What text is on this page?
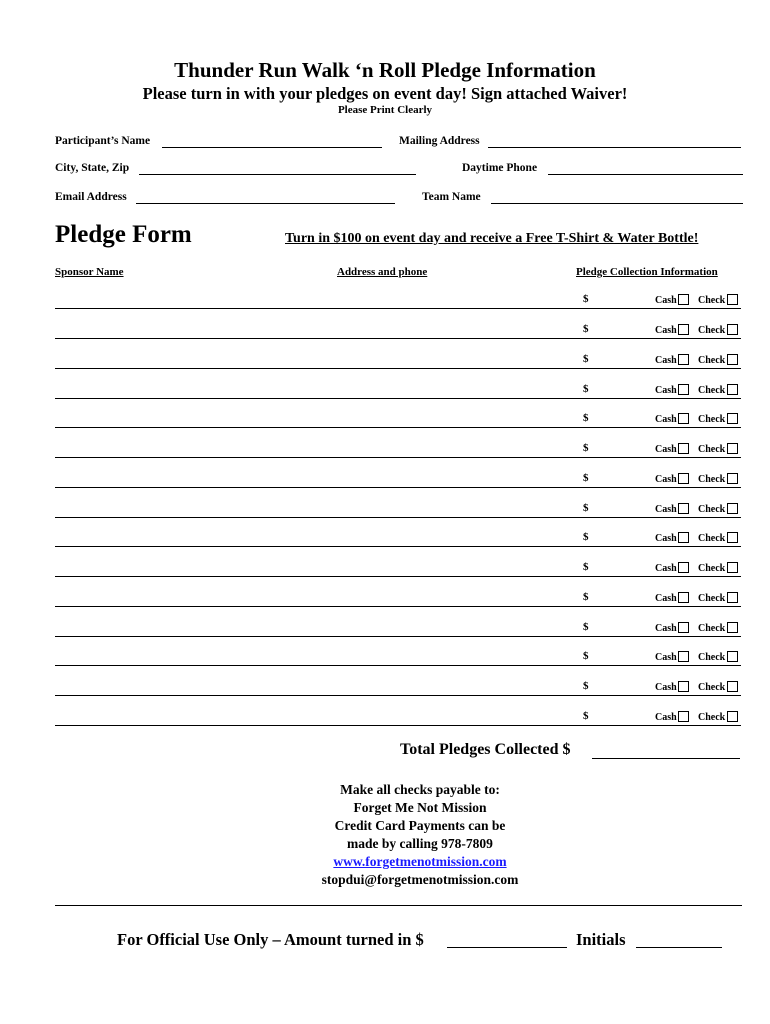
Thunder Run Walk ‘n Roll Pledge Information
Please turn in with your pledges on event day! Sign attached Waiver!
Please Print Clearly
Participant’s Name	Mailing Address
City, State, Zip	Daytime Phone
Email Address	Team Name
Pledge Form	Turn in $100 on event day and receive a Free T-Shirt & Water Bottle!
Sponsor Name	Address and phone	Pledge Collection Information
$	Cash Check
$	Cash Check
$	Cash Check
$	Cash Check
$	Cash Check
$	Cash Check
$	Cash Check
$	Cash Check
$	Cash Check
$	Cash Check
$	Cash Check
$	Cash Check
$	Cash Check
$	Cash Check
$	Cash Check
Total Pledges Collected $
Make all checks payable to:
Forget Me Not Mission
Credit Card Payments can be
made by calling 978-7809
www.forgetmenotmission.com
stopdui@forgetmenotmission.com
For Official Use Only – Amount turned in $	Initials
